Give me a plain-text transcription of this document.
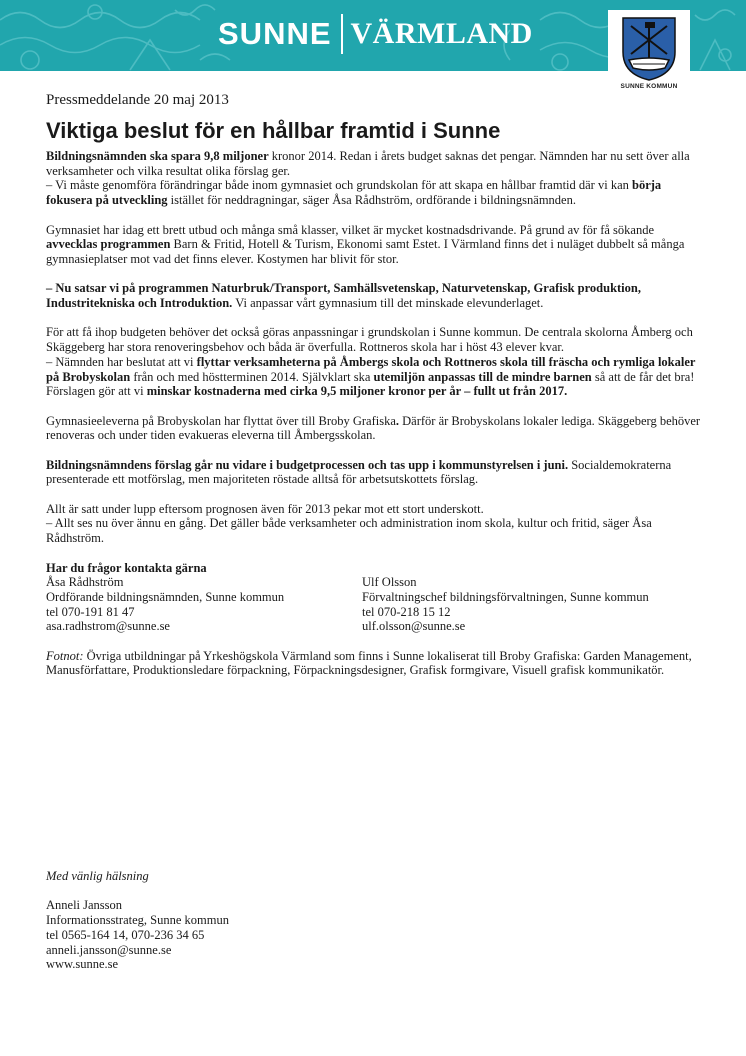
SUNNE VÄRMLAND
SUNNE KOMMUN

Pressmeddelande 20 maj 2013

Viktiga beslut för en hållbar framtid i Sunne

Bildningsnämnden ska spara 9,8 miljoner kronor 2014. Redan i årets budget saknas det pengar. Nämnden har nu sett över alla verksamheter och vilka resultat olika förslag ger.
– Vi måste genomföra förändringar både inom gymnasiet och grundskolan för att skapa en hållbar framtid där vi kan börja fokusera på utveckling istället för neddragningar, säger Åsa Rådhström, ordförande i bildningsnämnden.

Gymnasiet har idag ett brett utbud och många små klasser, vilket är mycket kostnadsdrivande. På grund av för få sökande avvecklas programmen Barn & Fritid, Hotell & Turism, Ekonomi samt Estet. I Värmland finns det i nuläget dubbelt så många gymnasieplatser mot vad det finns elever. Kostymen har blivit för stor.

– Nu satsar vi på programmen Naturbruk/Transport, Samhällsvetenskap, Naturvetenskap, Grafisk produktion, Industritekniska och Introduktion. Vi anpassar vårt gymnasium till det minskade elevunderlaget.

För att få ihop budgeten behöver det också göras anpassningar i grundskolan i Sunne kommun. De centrala skolorna Åmberg och Skäggeberg har stora renoveringsbehov och båda är överfulla. Rottneros skola har i höst 43 elever kvar.
– Nämnden har beslutat att vi flyttar verksamheterna på Åmbergs skola och Rottneros skola till fräscha och rymliga lokaler på Brobyskolan från och med höstterminen 2014. Självklart ska utemiljön anpassas till de mindre barnen så att de får det bra! Förslagen gör att vi minskar kostnaderna med cirka 9,5 miljoner kronor per år – fullt ut från 2017.

Gymnasieeleverna på Brobyskolan har flyttat över till Broby Grafiska. Därför är Brobyskolans lokaler lediga. Skäggeberg behöver renoveras och under tiden evakueras eleverna till Åmbergsskolan.

Bildningsnämndens förslag går nu vidare i budgetprocessen och tas upp i kommunstyrelsen i juni. Socialdemokraterna presenterade ett motförslag, men majoriteten röstade alltså för arbetsutskottets förslag.

Allt är satt under lupp eftersom prognosen även för 2013 pekar mot ett stort underskott.
– Allt ses nu över ännu en gång. Det gäller både verksamheter och administration inom skola, kultur och fritid, säger Åsa Rådhström.

Har du frågor kontakta gärna

Åsa Rådhström
Ordförande bildningsnämnden, Sunne kommun
tel 070-191 81 47
asa.radhstrom@sunne.se
Ulf Olsson
Förvaltningschef bildningsförvaltningen, Sunne kommun
tel 070-218 15 12
ulf.olsson@sunne.se

Fotnot: Övriga utbildningar på Yrkeshögskola Värmland som finns i Sunne lokaliserat till Broby Grafiska: Garden Management, Manusförfattare, Produktionsledare förpackning, Förpackningsdesigner, Grafisk formgivare, Visuell grafisk kommunikatör.

Med vänlig hälsning
Anneli Jansson
Informationsstrateg, Sunne kommun
tel 0565-164 14, 070-236 34 65
anneli.jansson@sunne.se
www.sunne.se
